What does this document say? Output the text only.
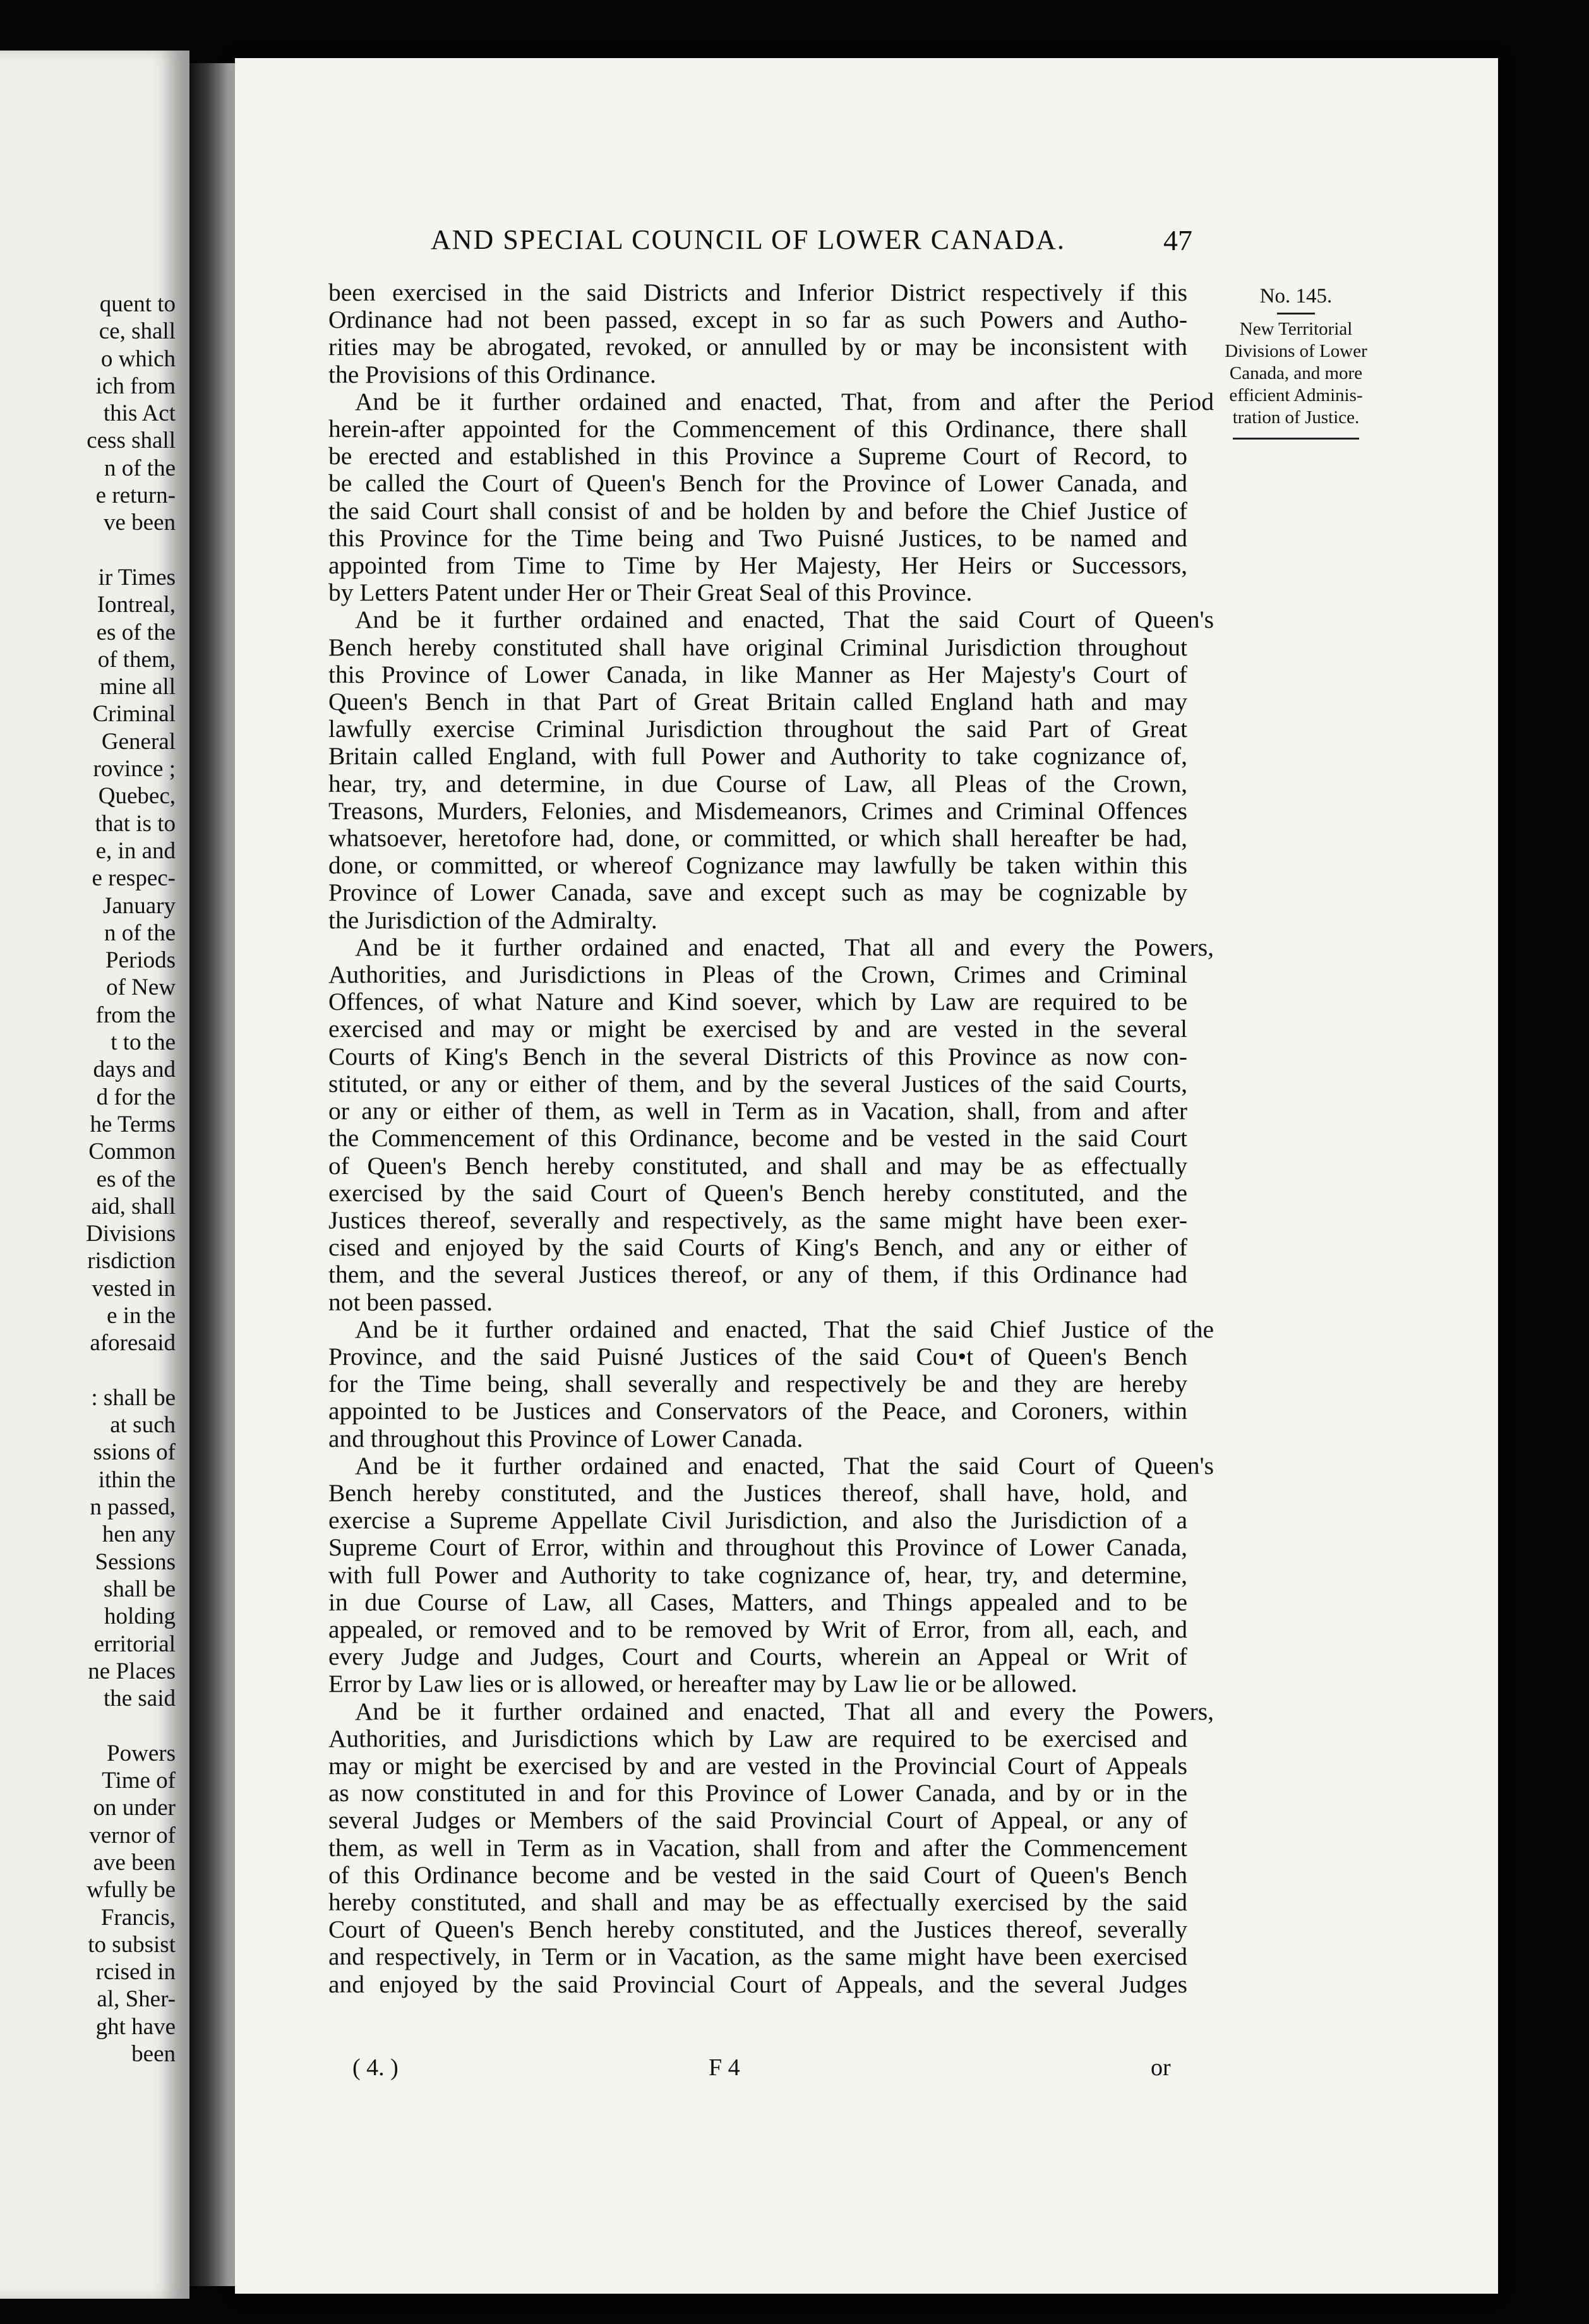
quent to
ce, shall
o which
ich from
this Act
cess shall
n of the
e return-
ve been

ir Times
Iontreal,
es of the
of them,
mine all
Criminal
General
rovince ;
Quebec,
that is to
e, in and
e respec-
January
n of the
Periods
of New
from the
t to the
days and
d for the
he Terms
Common
es of the
aid, shall
Divisions
risdiction
vested in
e in the
aforesaid

: shall be
at such
ssions of
ithin the
n passed,
hen any
Sessions
shall be
holding
erritorial
ne Places
the said

Powers
Time of
on under
vernor of
ave been
wfully be
Francis,
to subsist
rcised in
al, Sher-
ght have
been
AND SPECIAL COUNCIL OF LOWER CANADA.	47
been exercised in the said Districts and Inferior District respectively if this
Ordinance had not been passed, except in so far as such Powers and Autho-
rities may be abrogated, revoked, or annulled by or may be inconsistent with
the Provisions of this Ordinance.
And be it further ordained and enacted, That, from and after the Period
herein-after appointed for the Commencement of this Ordinance, there shall
be erected and established in this Province a Supreme Court of Record, to
be called the Court of Queen's Bench for the Province of Lower Canada, and
the said Court shall consist of and be holden by and before the Chief Justice of
this Province for the Time being and Two Puisné Justices, to be named and
appointed from Time to Time by Her Majesty, Her Heirs or Successors,
by Letters Patent under Her or Their Great Seal of this Province.
And be it further ordained and enacted, That the said Court of Queen's
Bench hereby constituted shall have original Criminal Jurisdiction throughout
this Province of Lower Canada, in like Manner as Her Majesty's Court of
Queen's Bench in that Part of Great Britain called England hath and may
lawfully exercise Criminal Jurisdiction throughout the said Part of Great
Britain called England, with full Power and Authority to take cognizance of,
hear, try, and determine, in due Course of Law, all Pleas of the Crown,
Treasons, Murders, Felonies, and Misdemeanors, Crimes and Criminal Offences
whatsoever, heretofore had, done, or committed, or which shall hereafter be had,
done, or committed, or whereof Cognizance may lawfully be taken within this
Province of Lower Canada, save and except such as may be cognizable by
the Jurisdiction of the Admiralty.
And be it further ordained and enacted, That all and every the Powers,
Authorities, and Jurisdictions in Pleas of the Crown, Crimes and Criminal
Offences, of what Nature and Kind soever, which by Law are required to be
exercised and may or might be exercised by and are vested in the several
Courts of King's Bench in the several Districts of this Province as now con-
stituted, or any or either of them, and by the several Justices of the said Courts,
or any or either of them, as well in Term as in Vacation, shall, from and after
the Commencement of this Ordinance, become and be vested in the said Court
of Queen's Bench hereby constituted, and shall and may be as effectually
exercised by the said Court of Queen's Bench hereby constituted, and the
Justices thereof, severally and respectively, as the same might have been exer-
cised and enjoyed by the said Courts of King's Bench, and any or either of
them, and the several Justices thereof, or any of them, if this Ordinance had
not been passed.
And be it further ordained and enacted, That the said Chief Justice of the
Province, and the said Puisné Justices of the said Cou•t of Queen's Bench
for the Time being, shall severally and respectively be and they are hereby
appointed to be Justices and Conservators of the Peace, and Coroners, within
and throughout this Province of Lower Canada.
And be it further ordained and enacted, That the said Court of Queen's
Bench hereby constituted, and the Justices thereof, shall have, hold, and
exercise a Supreme Appellate Civil Jurisdiction, and also the Jurisdiction of a
Supreme Court of Error, within and throughout this Province of Lower Canada,
with full Power and Authority to take cognizance of, hear, try, and determine,
in due Course of Law, all Cases, Matters, and Things appealed and to be
appealed, or removed and to be removed by Writ of Error, from all, each, and
every Judge and Judges, Court and Courts, wherein an Appeal or Writ of
Error by Law lies or is allowed, or hereafter may by Law lie or be allowed.
And be it further ordained and enacted, That all and every the Powers,
Authorities, and Jurisdictions which by Law are required to be exercised and
may or might be exercised by and are vested in the Provincial Court of Appeals
as now constituted in and for this Province of Lower Canada, and by or in the
several Judges or Members of the said Provincial Court of Appeal, or any of
them, as well in Term as in Vacation, shall from and after the Commencement
of this Ordinance become and be vested in the said Court of Queen's Bench
hereby constituted, and shall and may be as effectually exercised by the said
Court of Queen's Bench hereby constituted, and the Justices thereof, severally
and respectively, in Term or in Vacation, as the same might have been exercised
and enjoyed by the said Provincial Court of Appeals, and the several Judges
No. 145.
New Territorial
Divisions of Lower
Canada, and more
efficient Adminis-
tration of Justice.
( 4. )	F 4	or
